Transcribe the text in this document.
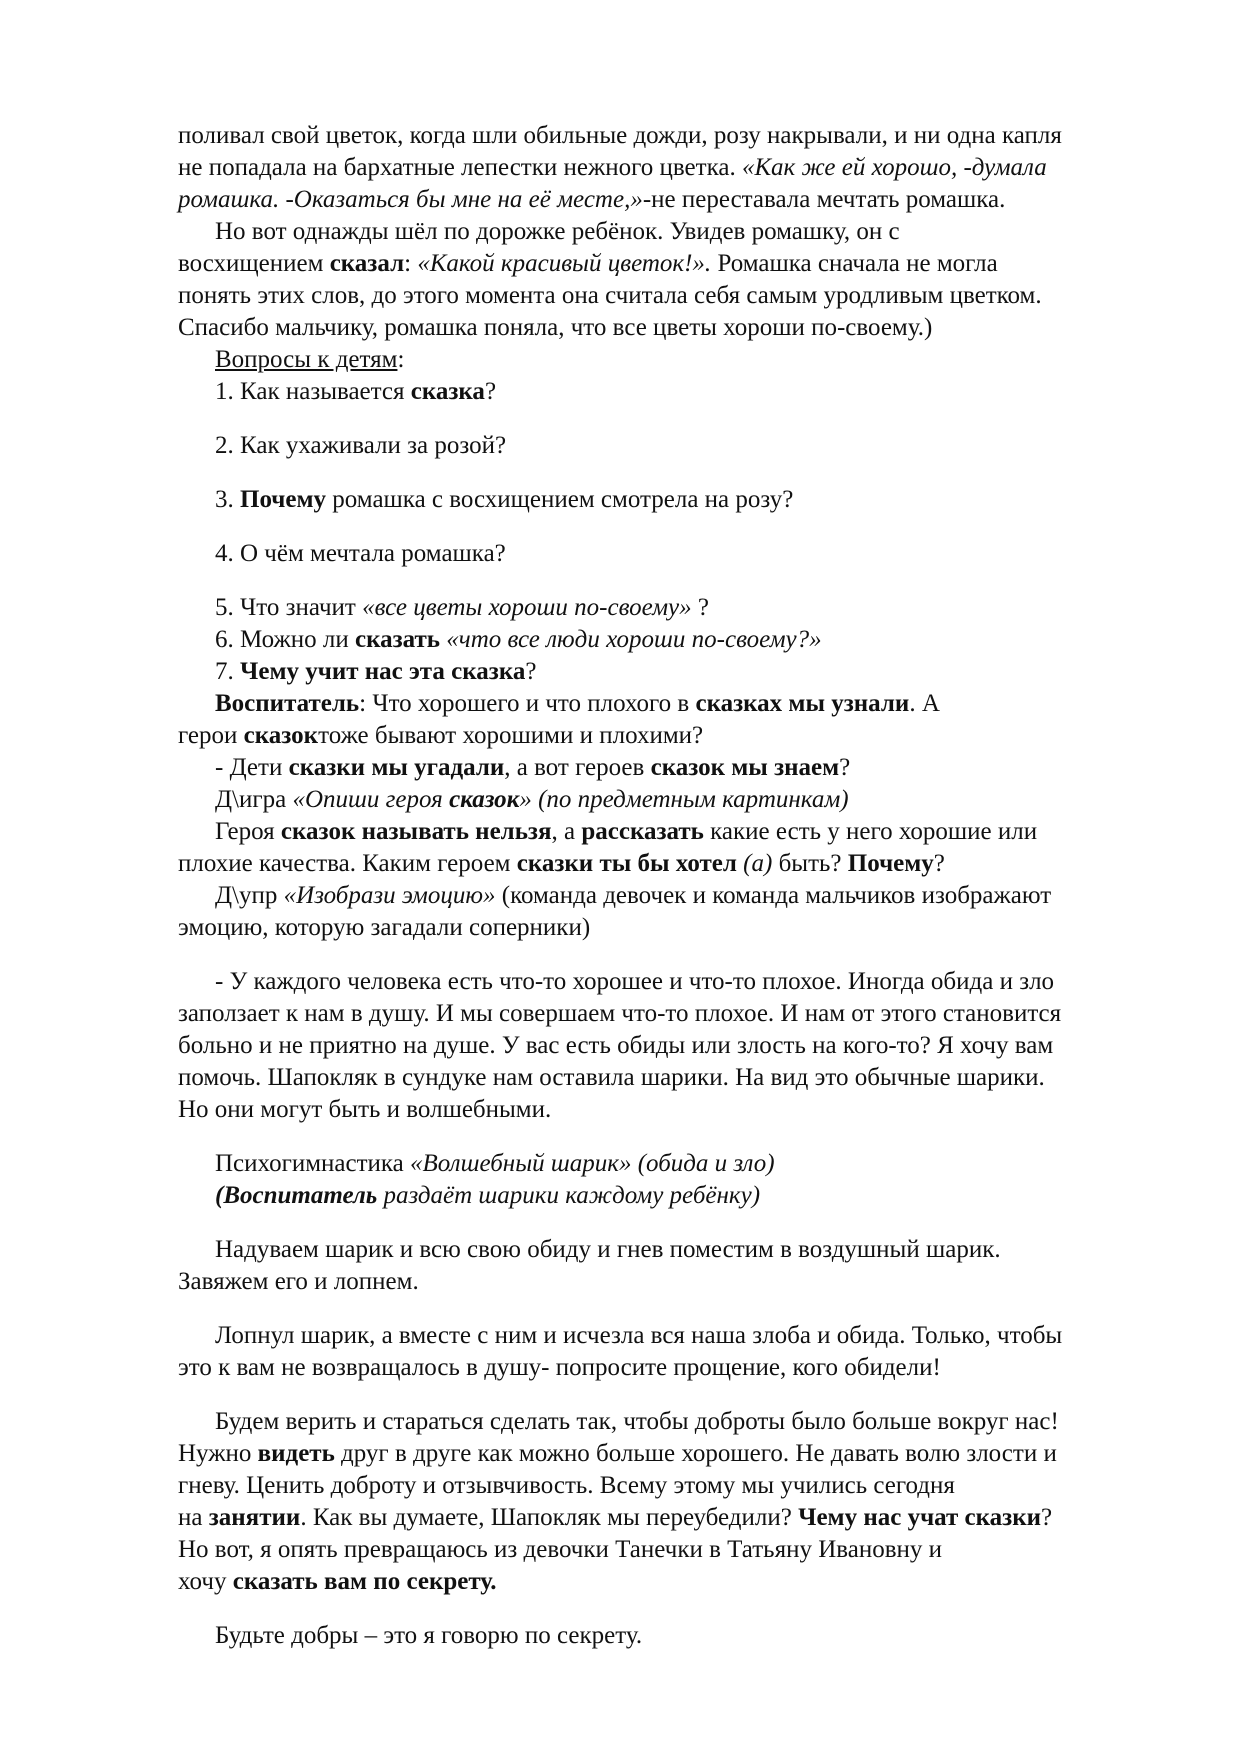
поливал свой цветок, когда шли обильные дожди, розу накрывали, и ни одна капля
не попадала на бархатные лепестки нежного цветка. «Как же ей хорошо, -думала
ромашка. -Оказаться бы мне на её месте,»-не переставала мечтать ромашка.
Но вот однажды шёл по дорожке ребёнок. Увидев ромашку, он с
восхищением сказал: «Какой красивый цветок!». Ромашка сначала не могла
понять этих слов, до этого момента она считала себя самым уродливым цветком.
Спасибо мальчику, ромашка поняла, что все цветы хороши по-своему.)
Вопросы к детям:
1. Как называется сказка?
2. Как ухаживали за розой?
3. Почему ромашка с восхищением смотрела на розу?
4. О чём мечтала ромашка?
5. Что значит «все цветы хороши по-своему» ?
6. Можно ли сказать «что все люди хороши по-своему?»
7. Чему учит нас эта сказка?
Воспитатель: Что хорошего и что плохого в сказках мы узнали. А
герои сказоктоже бывают хорошими и плохими?
- Дети сказки мы угадали, а вот героев сказок мы знаем?
Д\игра «Опиши героя сказок» (по предметным картинкам)
Героя сказок называть нельзя, а рассказать какие есть у него хорошие или
плохие качества. Каким героем сказки ты бы хотел (а) быть? Почему?
Д\упр «Изобрази эмоцию» (команда девочек и команда мальчиков изображают
эмоцию, которую загадали соперники)
- У каждого человека есть что-то хорошее и что-то плохое. Иногда обида и зло
заползает к нам в душу. И мы совершаем что-то плохое. И нам от этого становится
больно и не приятно на душе. У вас есть обиды или злость на кого-то? Я хочу вам
помочь. Шапокляк в сундуке нам оставила шарики. На вид это обычные шарики.
Но они могут быть и волшебными.
Психогимнастика «Волшебный шарик» (обида и зло)
(Воспитатель раздаёт шарики каждому ребёнку)
Надуваем шарик и всю свою обиду и гнев поместим в воздушный шарик.
Завяжем его и лопнем.
Лопнул шарик, а вместе с ним и исчезла вся наша злоба и обида. Только, чтобы
это к вам не возвращалось в душу- попросите прощение, кого обидели!
Будем верить и стараться сделать так, чтобы доброты было больше вокруг нас!
Нужно видеть друг в друге как можно больше хорошего. Не давать волю злости и
гневу. Ценить доброту и отзывчивость. Всему этому мы учились сегодня
на занятии. Как вы думаете, Шапокляк мы переубедили? Чему нас учат сказки?
Но вот, я опять превращаюсь из девочки Танечки в Татьяну Ивановну и
хочу сказать вам по секрету.
Будьте добры – это я говорю по секрету.
